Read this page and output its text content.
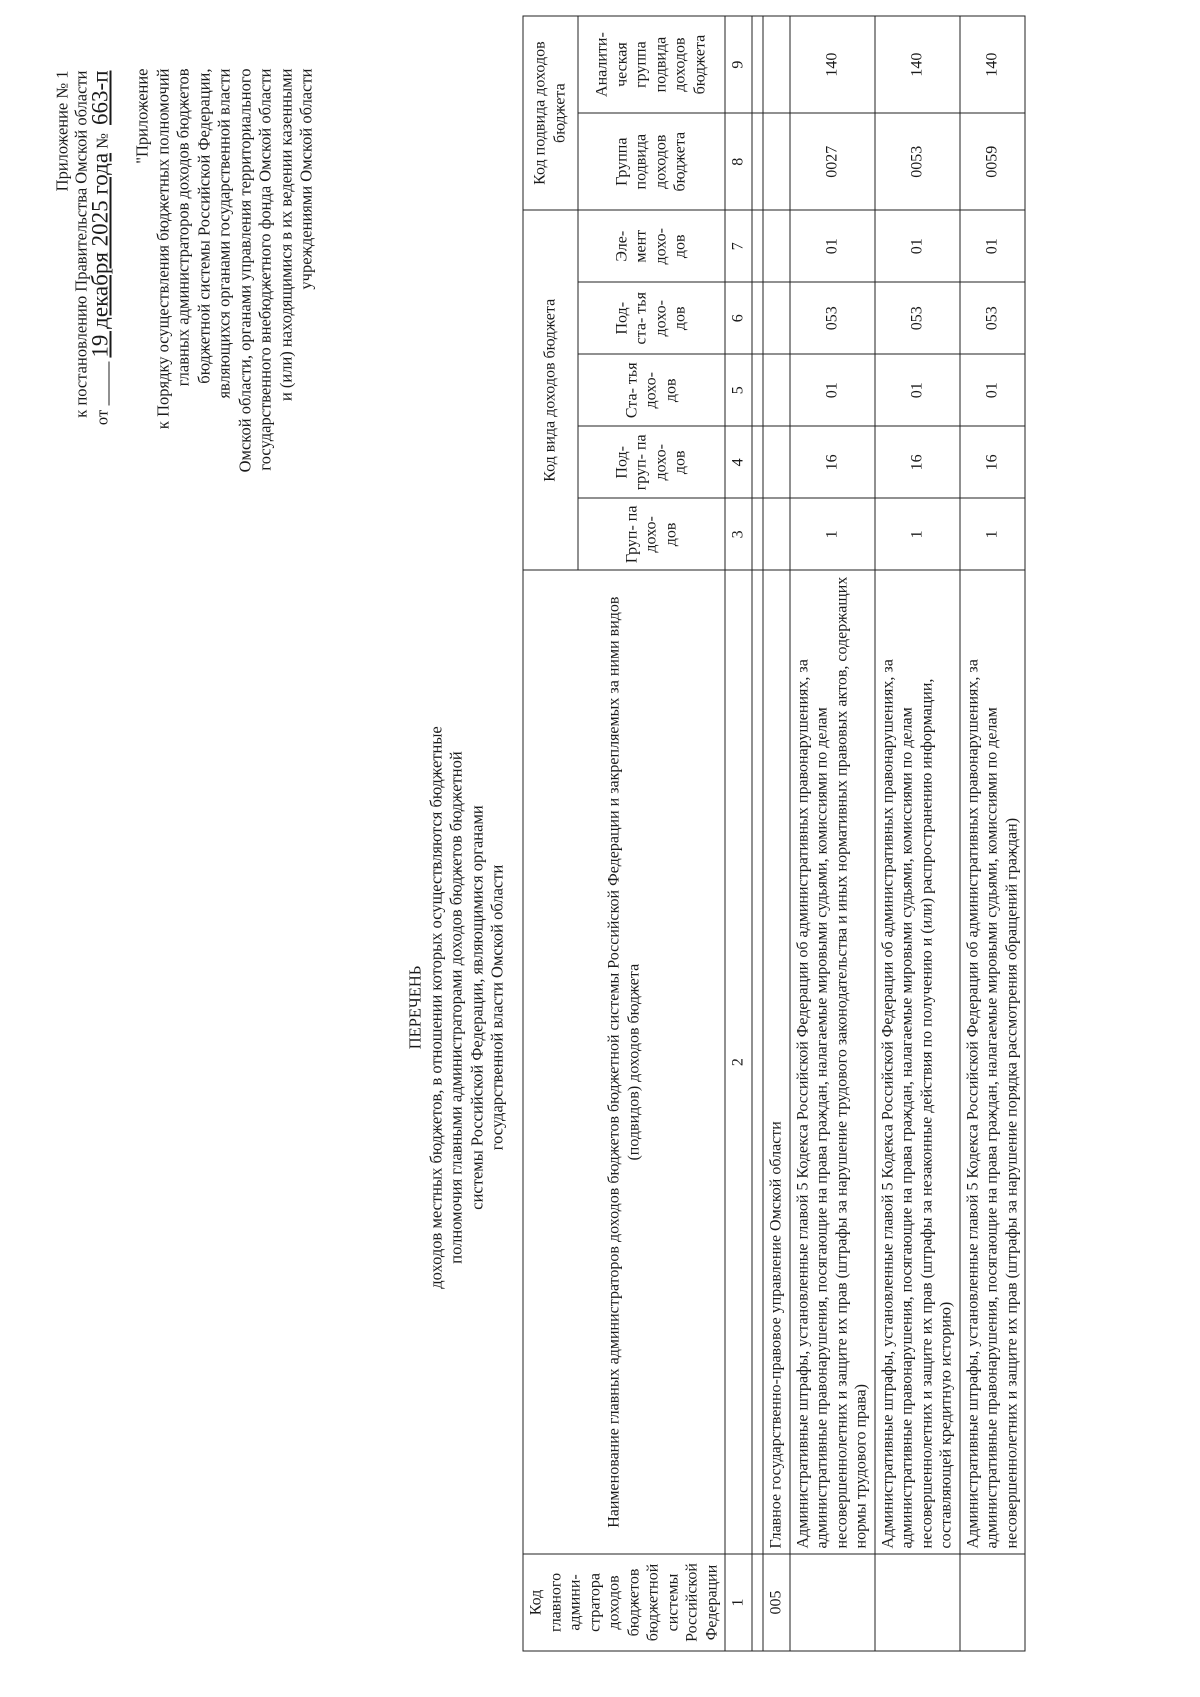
Приложение № 1 к постановлению Правительства Омской области от  19 декабря 2025 года № 663-п "Приложение к Порядку осуществления бюджетных полномочий главных администраторов доходов бюджетов бюджетной системы Российской Федерации, являющихся органами государственной власти Омской области, органами управления территориального государственного внебюджетного фонда Омской области и (или) находящимися в их ведении казенными учреждениями Омской области
ПЕРЕЧЕНЬ доходов местных бюджетов, в отношении которых осуществляются бюджетные полномочия главными администраторами доходов бюджетов бюджетной системы Российской Федерации, являющимися органами государственной власти Омской области
Код главного админи- стратора доходов бюджетов бюджетной системы Российской Федерации	Наименование главных администраторов доходов бюджетов бюджетной системы Российской Федерации и закрепляемых за ними видов (подвидов) доходов бюджета	Код вида доходов бюджета					Код подвида доходов бюджета	
		Груп- па дохо- дов	Под- груп- па дохо- дов	Ста- тья дохо- дов	Под- ста- тья дохо- дов	Эле- мент дохо- дов	Группа подвида доходов бюджета	Аналити- ческая группа подвида доходов бюджета
1	2	3	4	5	6	7	8	9

005	Главное государственно-правовое управление Омской области							
	Административные штрафы, установленные главой 5 Кодекса Российской Федерации об административных правонарушениях, за административные правонарушения, посягающие на права граждан, налагаемые мировыми судьями, комиссиями по делам несовершеннолетних и защите их прав (штрафы за нарушение трудового законодательства и иных нормативных правовых актов, содержащих нормы трудового права)	1	16	01	053	01	0027	140
	Административные штрафы, установленные главой 5 Кодекса Российской Федерации об административных правонарушениях, за административные правонарушения, посягающие на права граждан, налагаемые мировыми судьями, комиссиями по делам несовершеннолетних и защите их прав (штрафы за незаконные действия по получению и (или) распространению информации, составляющей кредитную историю)	1	16	01	053	01	0053	140
	Административные штрафы, установленные главой 5 Кодекса Российской Федерации об административных правонарушениях, за административные правонарушения, посягающие на права граждан, налагаемые мировыми судьями, комиссиями по делам несовершеннолетних и защите их прав (штрафы за нарушение порядка рассмотрения обращений граждан)	1	16	01	053	01	0059	140
